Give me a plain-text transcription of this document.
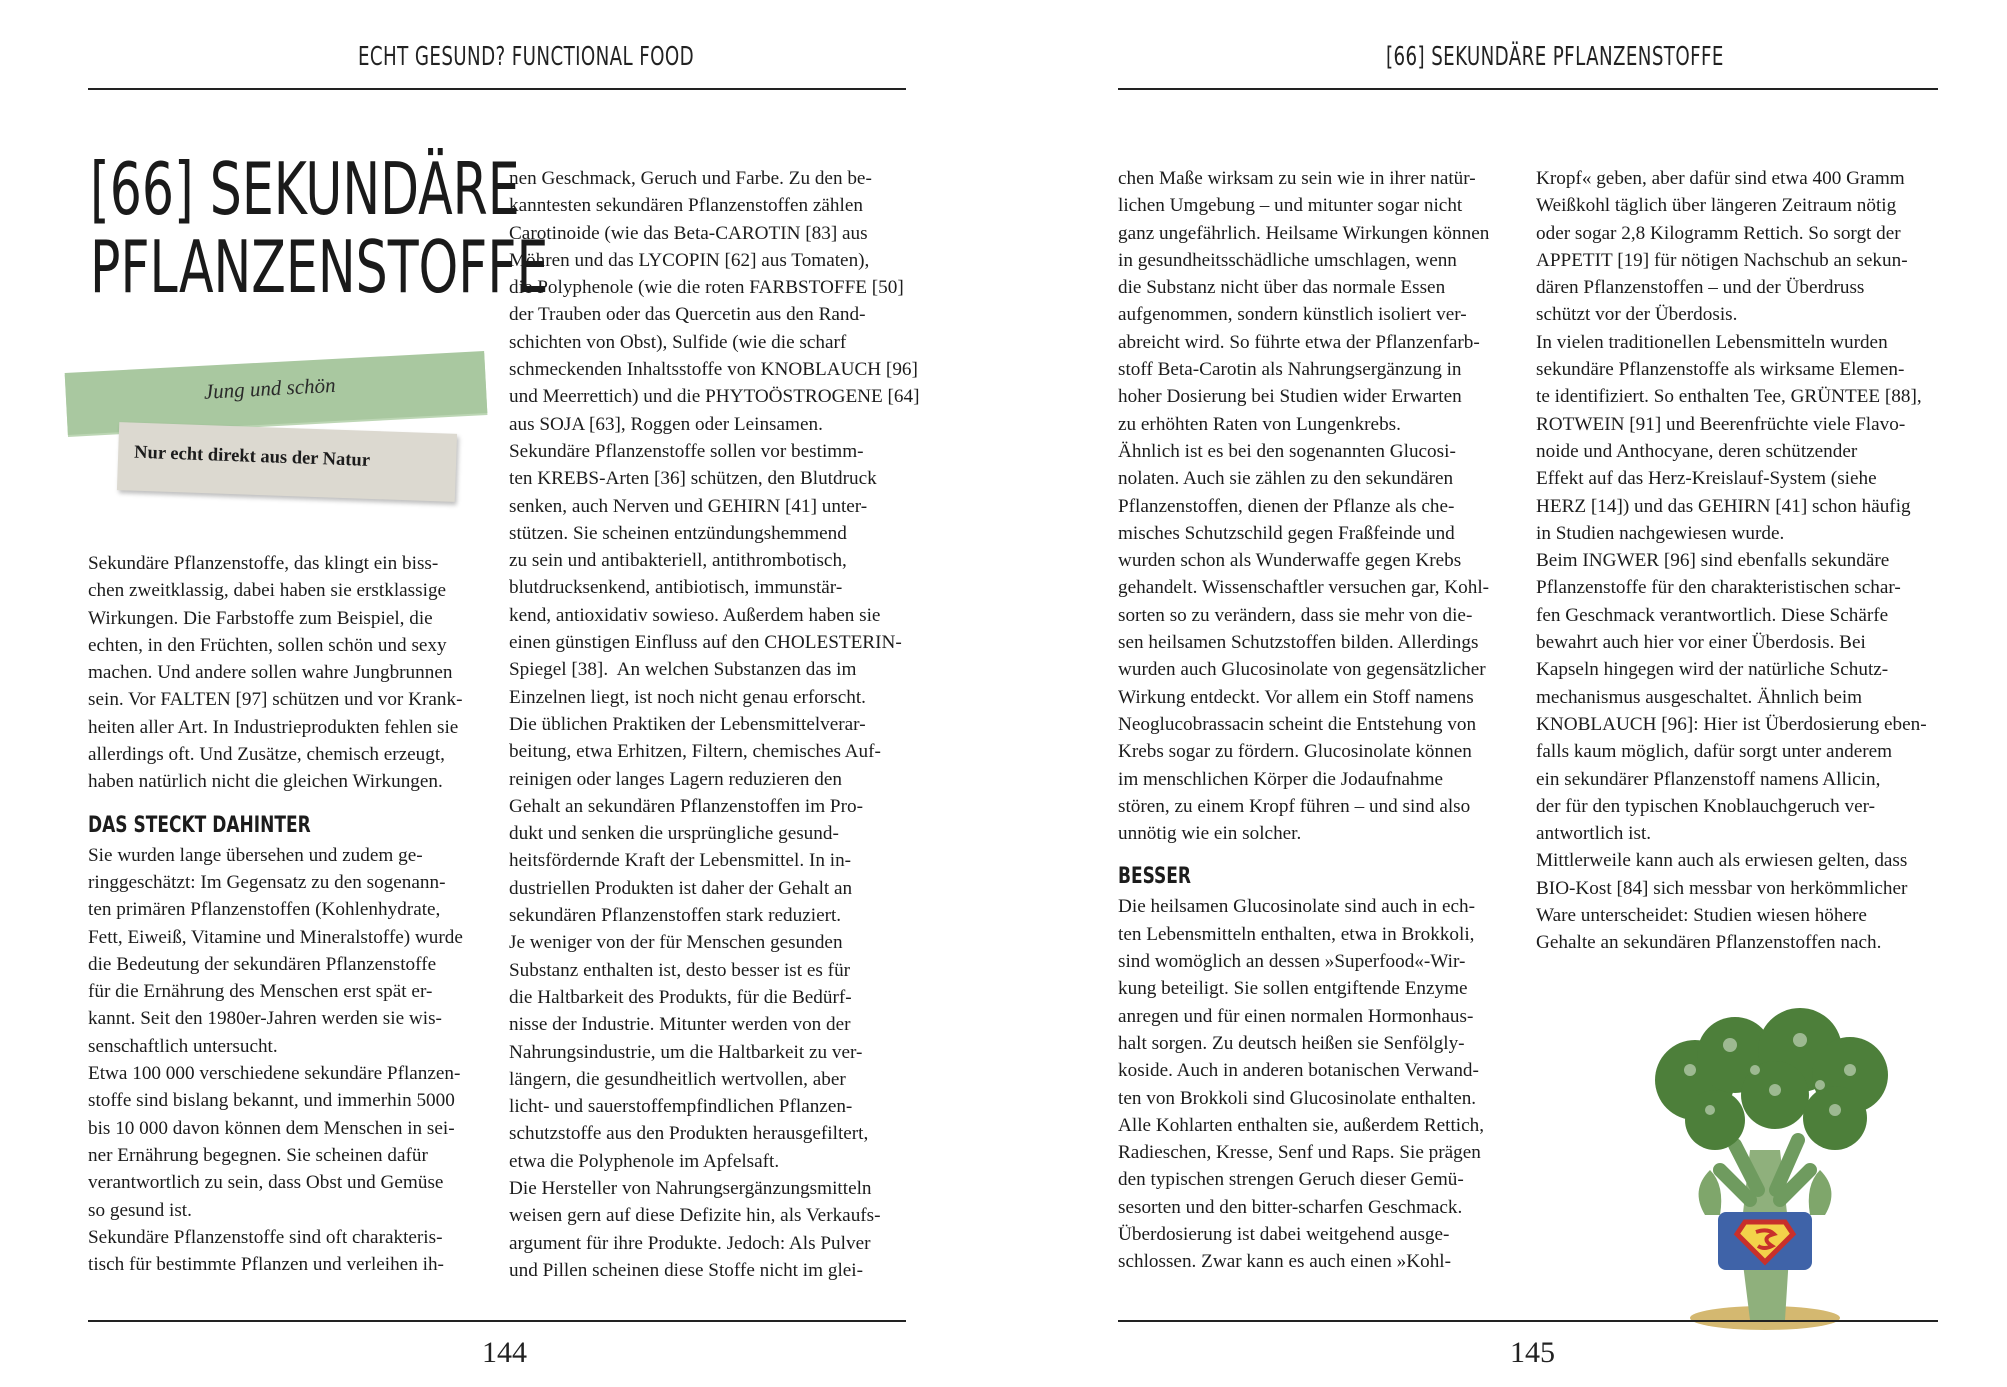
ECHT GESUND? FUNCTIONAL FOOD
[66] SEKUNDÄRE
PFLANZENSTOFFE
Jung und schön
Nur echt direkt aus der Natur

Sekundäre Pflanzenstoffe, das klingt ein biss-

chen zweitklassig, dabei haben sie erstklassige

Wirkungen. Die Farbstoffe zum Beispiel, die

echten, in den Früchten, sollen schön und sexy

machen. Und andere sollen wahre Jungbrunnen

sein. Vor FALTEN [97] schützen und vor Krank-

heiten aller Art. In Industrieprodukten fehlen sie

allerdings oft. Und Zusätze, chemisch erzeugt,

haben natürlich nicht die gleichen Wirkungen.

DAS STECKT DAHINTER

Sie wurden lange übersehen und zudem ge-

ringgeschätzt: Im Gegensatz zu den sogenann-

ten primären Pflanzenstoffen (Kohlenhydrate,

Fett, Eiweiß, Vitamine und Mineralstoffe) wurde

die Bedeutung der sekundären Pflanzenstoffe

für die Ernährung des Menschen erst spät er-

kannt. Seit den 1980er-Jahren werden sie wis-

senschaftlich untersucht.

Etwa 100 000 verschiedene sekundäre Pflanzen-

stoffe sind bislang bekannt, und immerhin 5000

bis 10 000 davon können dem Menschen in sei-

ner Ernährung begegnen. Sie scheinen dafür

verantwortlich zu sein, dass Obst und Gemüse

so gesund ist.

Sekundäre Pflanzenstoffe sind oft charakteris-

tisch für bestimmte Pflanzen und verleihen ih-

nen Geschmack, Geruch und Farbe. Zu den be-

kanntesten sekundären Pflanzenstoffen zählen

Carotinoide (wie das Beta-CAROTIN [83] aus

Möhren und das LYCOPIN [62] aus Tomaten),

die Polyphenole (wie die roten FARBSTOFFE [50]

der Trauben oder das Quercetin aus den Rand-

schichten von Obst), Sulfide (wie die scharf

schmeckenden Inhaltsstoffe von KNOBLAUCH [96]

und Meerrettich) und die PHYTOÖSTROGENE [64]

aus SOJA [63], Roggen oder Leinsamen.

Sekundäre Pflanzenstoffe sollen vor bestimm-

ten KREBS-Arten [36] schützen, den Blutdruck

senken, auch Nerven und GEHIRN [41] unter-

stützen. Sie scheinen entzündungshemmend

zu sein und antibakteriell, antithrombotisch,

blutdrucksenkend, antibiotisch, immunstär-

kend, antioxidativ sowieso. Außerdem haben sie

einen günstigen Einfluss auf den CHOLESTERIN-

Spiegel [38].  An welchen Substanzen das im

Einzelnen liegt, ist noch nicht genau erforscht.

Die üblichen Praktiken der Lebensmittelverar-

beitung, etwa Erhitzen, Filtern, chemisches Auf-

reinigen oder langes Lagern reduzieren den

Gehalt an sekundären Pflanzenstoffen im Pro-

dukt und senken die ursprüngliche gesund-

heitsfördernde Kraft der Lebensmittel. In in-

dustriellen Produkten ist daher der Gehalt an

sekundären Pflanzenstoffen stark reduziert.

Je weniger von der für Menschen gesunden

Substanz enthalten ist, desto besser ist es für

die Haltbarkeit des Produkts, für die Bedürf-

nisse der Industrie. Mitunter werden von der

Nahrungsindustrie, um die Haltbarkeit zu ver-

längern, die gesundheitlich wertvollen, aber

licht- und sauerstoffempfindlichen Pflanzen-

schutzstoffe aus den Produkten herausgefiltert,

etwa die Polyphenole im Apfelsaft.

Die Hersteller von Nahrungsergänzungsmitteln

weisen gern auf diese Defizite hin, als Verkaufs-

argument für ihre Produkte. Jedoch: Als Pulver

und Pillen scheinen diese Stoffe nicht im glei-

144
[66] SEKUNDÄRE PFLANZENSTOFFE

chen Maße wirksam zu sein wie in ihrer natür-

lichen Umgebung – und mitunter sogar nicht

ganz ungefährlich. Heilsame Wirkungen können

in gesundheitsschädliche umschlagen, wenn

die Substanz nicht über das normale Essen

aufgenommen, sondern künstlich isoliert ver-

abreicht wird. So führte etwa der Pflanzenfarb-

stoff Beta-Carotin als Nahrungsergänzung in

hoher Dosierung bei Studien wider Erwarten

zu erhöhten Raten von Lungenkrebs.

Ähnlich ist es bei den sogenannten Glucosi-

nolaten. Auch sie zählen zu den sekundären

Pflanzenstoffen, dienen der Pflanze als che-

misches Schutzschild gegen Fraßfeinde und

wurden schon als Wunderwaffe gegen Krebs

gehandelt. Wissenschaftler versuchen gar, Kohl-

sorten so zu verändern, dass sie mehr von die-

sen heilsamen Schutzstoffen bilden. Allerdings

wurden auch Glucosinolate von gegensätzlicher

Wirkung entdeckt. Vor allem ein Stoff namens

Neoglucobrassacin scheint die Entstehung von

Krebs sogar zu fördern. Glucosinolate können

im menschlichen Körper die Jodaufnahme

stören, zu einem Kropf führen – und sind also

unnötig wie ein solcher.

BESSER

Die heilsamen Glucosinolate sind auch in ech-

ten Lebensmitteln enthalten, etwa in Brokkoli,

sind womöglich an dessen »Superfood«-Wir-

kung beteiligt. Sie sollen entgiftende Enzyme

anregen und für einen normalen Hormonhaus-

halt sorgen. Zu deutsch heißen sie Senfölgly-

koside. Auch in anderen botanischen Verwand-

ten von Brokkoli sind Glucosinolate enthalten.

Alle Kohlarten enthalten sie, außerdem Rettich,

Radieschen, Kresse, Senf und Raps. Sie prägen

den typischen strengen Geruch dieser Gemü-

sesorten und den bitter-scharfen Geschmack.

Überdosierung ist dabei weitgehend ausge-

schlossen. Zwar kann es auch einen »Kohl-

Kropf« geben, aber dafür sind etwa 400 Gramm

Weißkohl täglich über längeren Zeitraum nötig

oder sogar 2,8 Kilogramm Rettich. So sorgt der

APPETIT [19] für nötigen Nachschub an sekun-

dären Pflanzenstoffen – und der Überdruss

schützt vor der Überdosis.

In vielen traditionellen Lebensmitteln wurden

sekundäre Pflanzenstoffe als wirksame Elemen-

te identifiziert. So enthalten Tee, GRÜNTEE [88],

ROTWEIN [91] und Beerenfrüchte viele Flavo-

noide und Anthocyane, deren schützender

Effekt auf das Herz-Kreislauf-System (siehe

HERZ [14]) und das GEHIRN [41] schon häufig

in Studien nachgewiesen wurde.

Beim INGWER [96] sind ebenfalls sekundäre

Pflanzenstoffe für den charakteristischen schar-

fen Geschmack verantwortlich. Diese Schärfe

bewahrt auch hier vor einer Überdosis. Bei

Kapseln hingegen wird der natürliche Schutz-

mechanismus ausgeschaltet. Ähnlich beim

KNOBLAUCH [96]: Hier ist Überdosierung eben-

falls kaum möglich, dafür sorgt unter anderem

ein sekundärer Pflanzenstoff namens Allicin,

der für den typischen Knoblauchgeruch ver-

antwortlich ist.

Mittlerweile kann auch als erwiesen gelten, dass

BIO-Kost [84] sich messbar von herkömmlicher

Ware unterscheidet: Studien wiesen höhere

Gehalte an sekundären Pflanzenstoffen nach.

145
